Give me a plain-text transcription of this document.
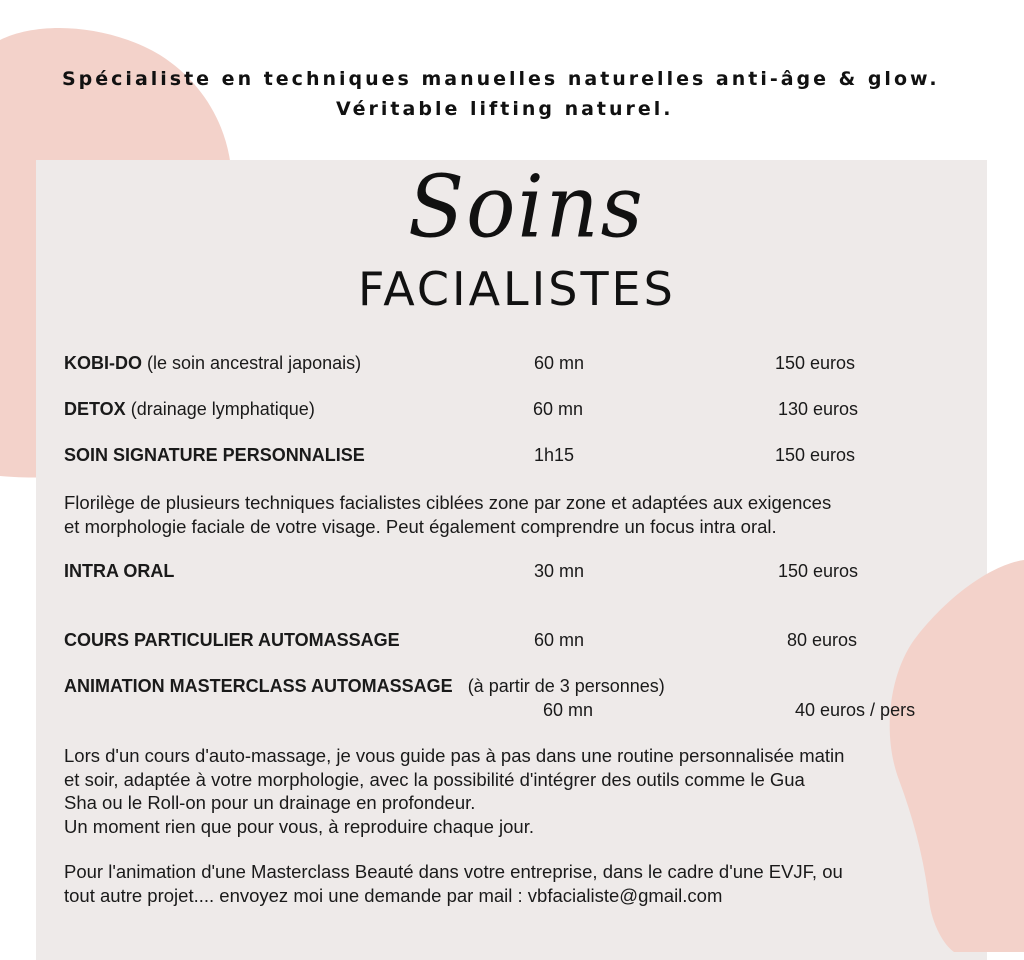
Spécialiste en techniques manuelles naturelles anti-âge & glow.
Véritable lifting naturel.
Soins
FACIALISTES
KOBI-DO (le soin ancestral japonais)	60 mn	150 euros
DETOX (drainage lymphatique)	60 mn	130 euros
SOIN SIGNATURE PERSONNALISE	1h15	150 euros
Florilège de plusieurs techniques facialistes ciblées zone par zone et adaptées aux exigences
et morphologie faciale de votre visage. Peut également comprendre un focus intra oral.
INTRA ORAL	30 mn	150 euros
COURS PARTICULIER AUTOMASSAGE	60 mn	80 euros
ANIMATION MASTERCLASS AUTOMASSAGE (à partir de 3 personnes)
60 mn	40 euros / pers
Lors d'un cours d'auto-massage, je vous guide pas à pas dans une routine personnalisée matin
et soir, adaptée à votre morphologie, avec la possibilité d'intégrer des outils comme le Gua
Sha ou le Roll-on pour un drainage en profondeur.
Un moment rien que pour vous, à reproduire chaque jour.
Pour l'animation d'une Masterclass Beauté dans votre entreprise, dans le cadre d'une EVJF, ou
tout autre projet.... envoyez moi une demande par mail : vbfacialiste@gmail.com
